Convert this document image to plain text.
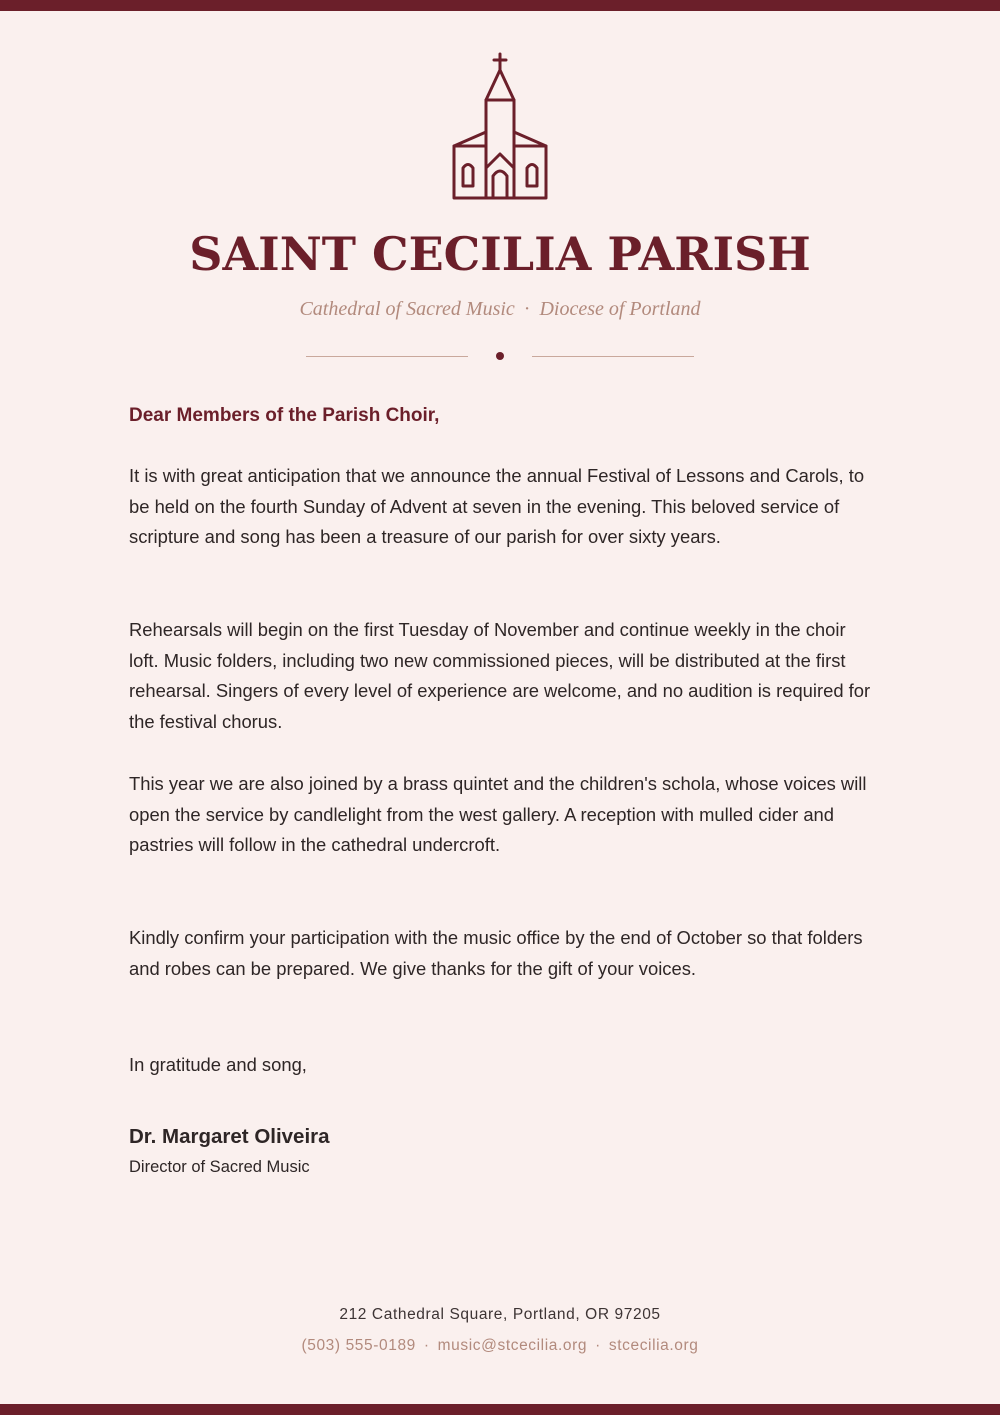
SAINT CECILIA PARISH
Cathedral of Sacred Music · Diocese of Portland
Dear Members of the Parish Choir,

It is with great anticipation that we announce the annual Festival of Lessons and Carols, to be held on the fourth Sunday of Advent at seven in the evening. This beloved service of scripture and song has been a treasure of our parish for over sixty years.

Rehearsals will begin on the first Tuesday of November and continue weekly in the choir loft. Music folders, including two new commissioned pieces, will be distributed at the first rehearsal. Singers of every level of experience are welcome, and no audition is required for the festival chorus.

This year we are also joined by a brass quintet and the children's schola, whose voices will open the service by candlelight from the west gallery. A reception with mulled cider and pastries will follow in the cathedral undercroft.

Kindly confirm your participation with the music office by the end of October so that folders and robes can be prepared. We give thanks for the gift of your voices.

In gratitude and song,
Dr. Margaret Oliveira
Director of Sacred Music
212 Cathedral Square, Portland, OR 97205
(503) 555-0189 · music@stcecilia.org · stcecilia.org
